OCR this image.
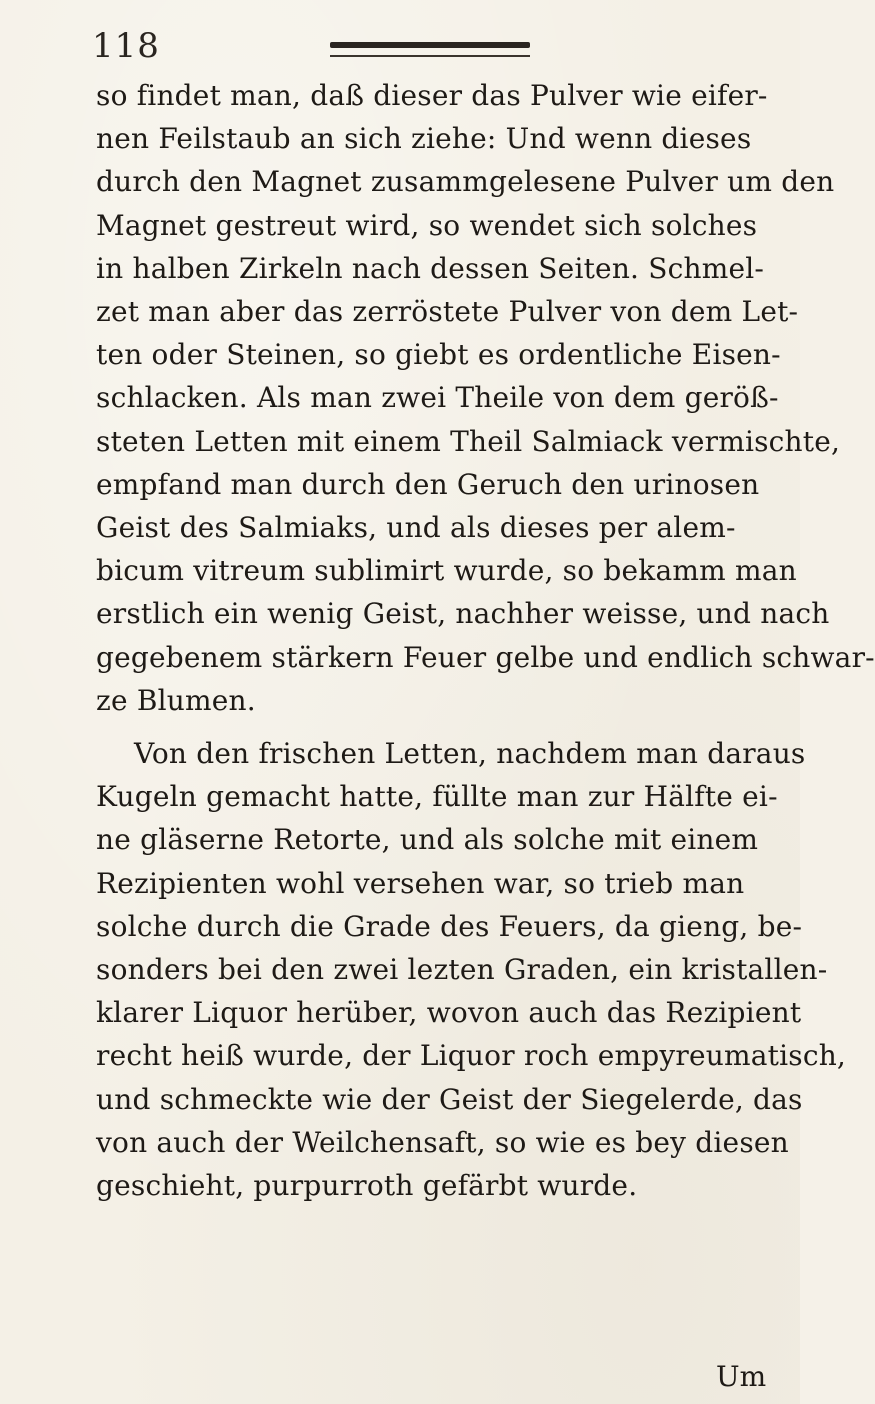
118
so findet man, daß dieser das Pulver wie eifer-
nen Feilstaub an sich ziehe: Und wenn dieses
durch den Magnet zusammgelesene Pulver um den
Magnet gestreut wird, so wendet sich solches
in halben Zirkeln nach dessen Seiten. Schmel-
zet man aber das zerröstete Pulver von dem Let-
ten oder Steinen, so giebt es ordentliche Eisen-
schlacken. Als man zwei Theile von dem geröß-
steten Letten mit einem Theil Salmiack vermischte,
empfand man durch den Geruch den urinosen
Geist des Salmiaks, und als dieses per alem-
bicum vitreum sublimirt wurde, so bekamm man
erstlich ein wenig Geist, nachher weisse, und nach
gegebenem stärkern Feuer gelbe und endlich schwar-
ze Blumen.
Von den frischen Letten, nachdem man daraus
Kugeln gemacht hatte, füllte man zur Hälfte ei-
ne gläserne Retorte, und als solche mit einem
Rezipienten wohl versehen war, so trieb man
solche durch die Grade des Feuers, da gieng, be-
sonders bei den zwei lezten Graden, ein kristallen-
klarer Liquor herüber, wovon auch das Rezipient
recht heiß wurde, der Liquor roch empyreumatisch,
und schmeckte wie der Geist der Siegelerde, das
von auch der Weilchensaft, so wie es bey diesen
geschieht, purpurroth gefärbt wurde.
Um
